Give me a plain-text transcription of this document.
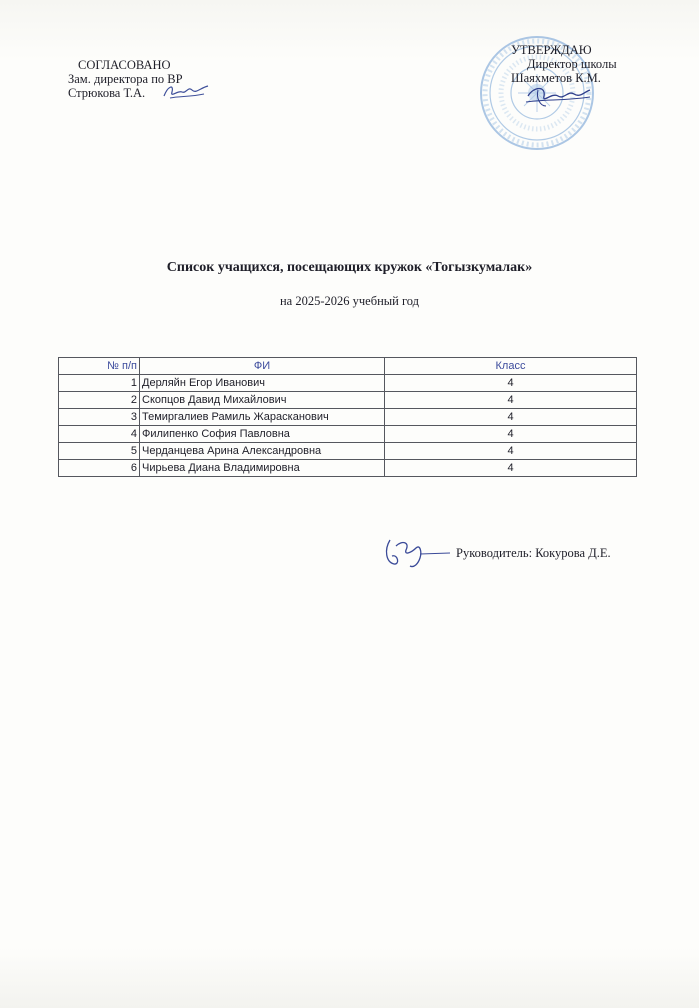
СОГЛАСОВАНО
Зам. директора по ВР
Стрюкова Т.А.
УТВЕРЖДАЮ
Директор школы
Шаяхметов К.М.
Список учащихся, посещающих кружок «Тогызкумалак»
на 2025-2026 учебный год
№ п/п	ФИ	Класс
1	Дерляйн Егор Иванович	4
2	Скопцов Давид Михайлович	4
3	Темиргалиев Рамиль Жараскано​вич	4
4	Филипенко София Павловна	4
5	Черданцева Арина Александровна	4
6	Чирьева Диана Владимировна	4
Руководитель: Кокурова Д.Е.
